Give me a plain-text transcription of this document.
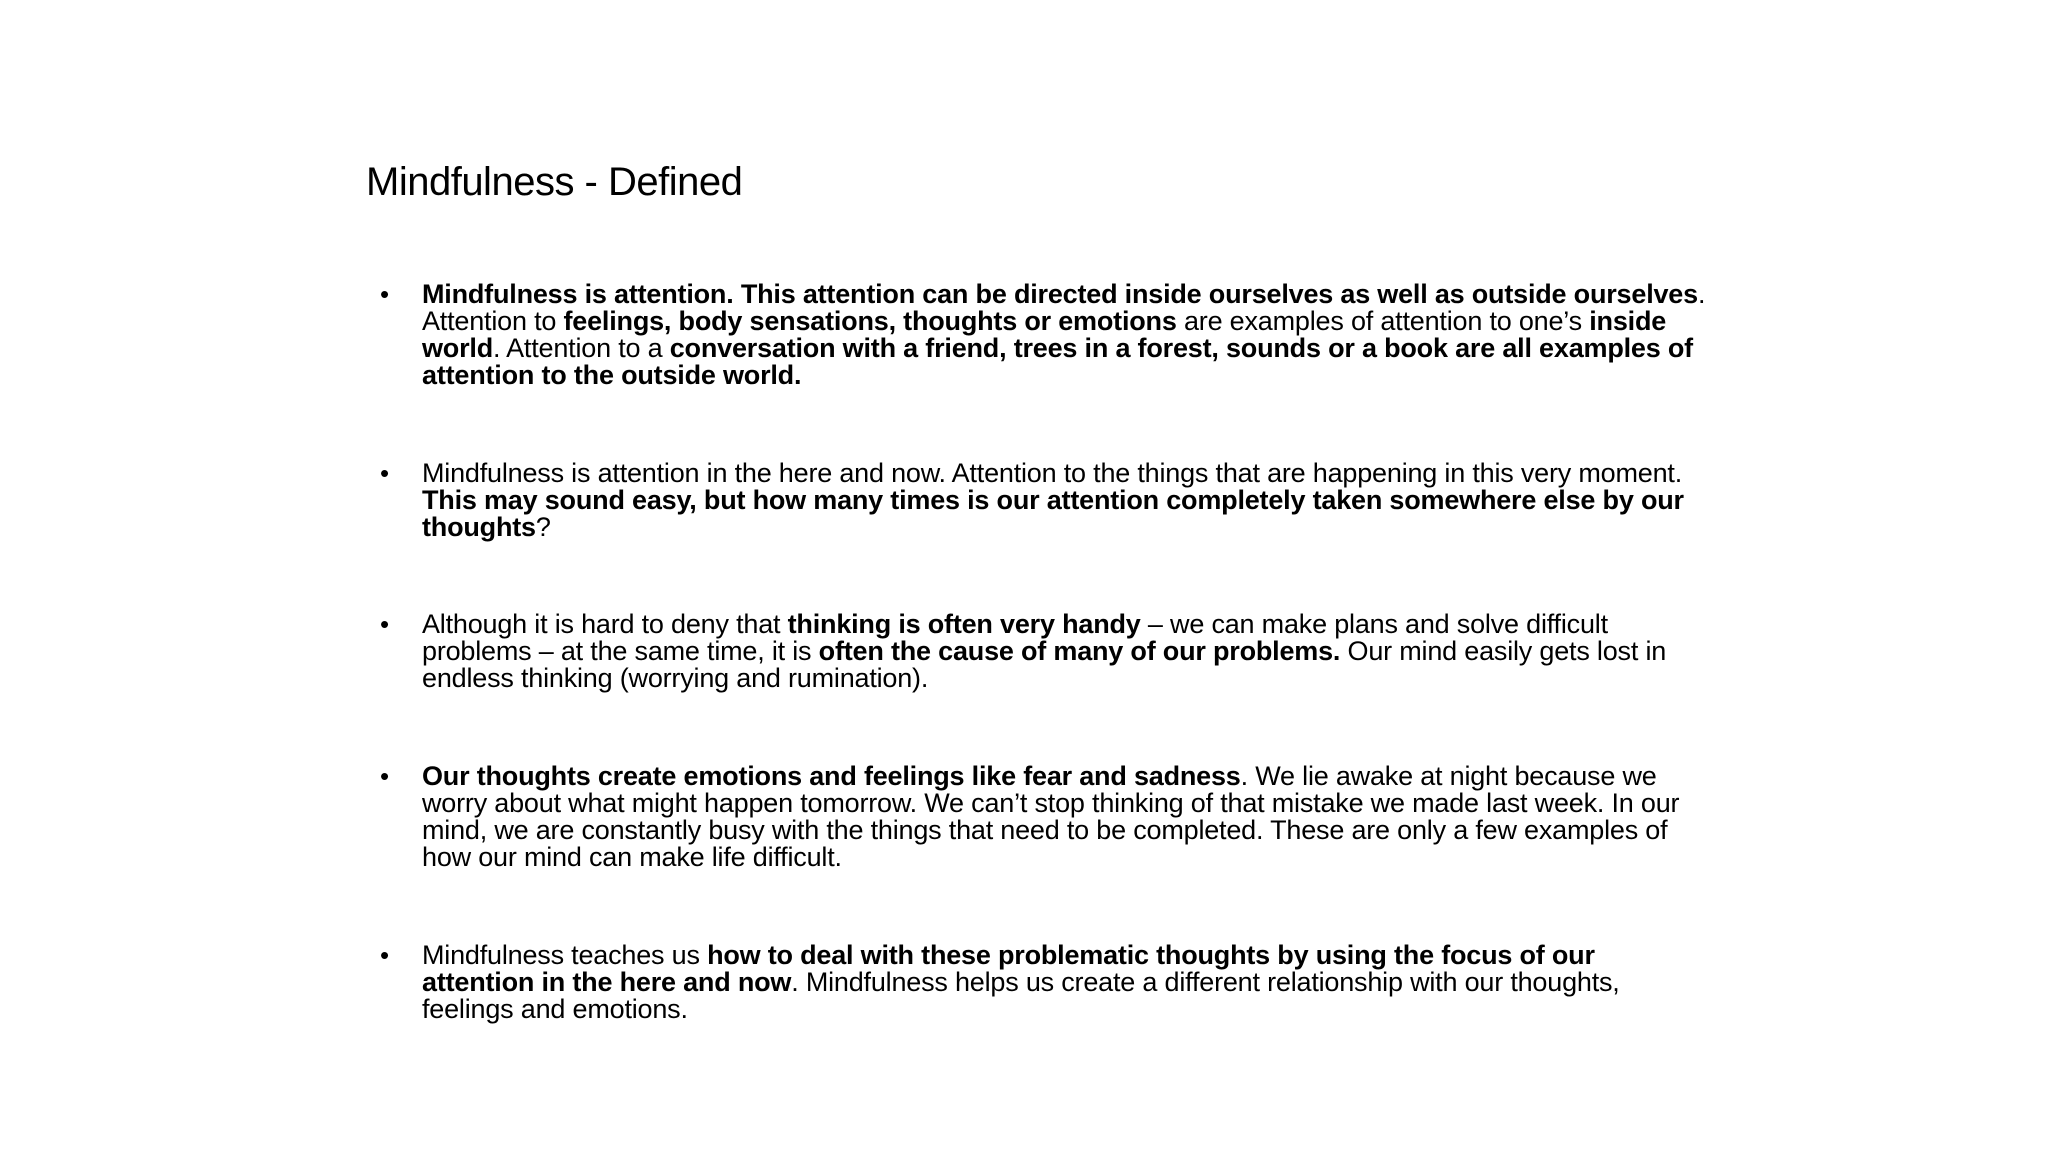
Mindfulness - Defined
• Mindfulness is attention. This attention can be directed inside ourselves as well as outside ourselves. Attention to feelings, body sensations, thoughts or emotions are examples of attention to one’s inside world. Attention to a conversation with a friend, trees in a forest, sounds or a book are all examples of attention to the outside world.
• Mindfulness is attention in the here and now. Attention to the things that are happening in this very moment. This may sound easy, but how many times is our attention completely taken somewhere else by our thoughts?
• Although it is hard to deny that thinking is often very handy – we can make plans and solve difficult problems – at the same time, it is often the cause of many of our problems. Our mind easily gets lost in endless thinking (worrying and rumination).
• Our thoughts create emotions and feelings like fear and sadness. We lie awake at night because we worry about what might happen tomorrow. We can’t stop thinking of that mistake we made last week. In our mind, we are constantly busy with the things that need to be completed. These are only a few examples of how our mind can make life difficult.
• Mindfulness teaches us how to deal with these problematic thoughts by using the focus of our attention in the here and now. Mindfulness helps us create a different relationship with our thoughts, feelings and emotions.
